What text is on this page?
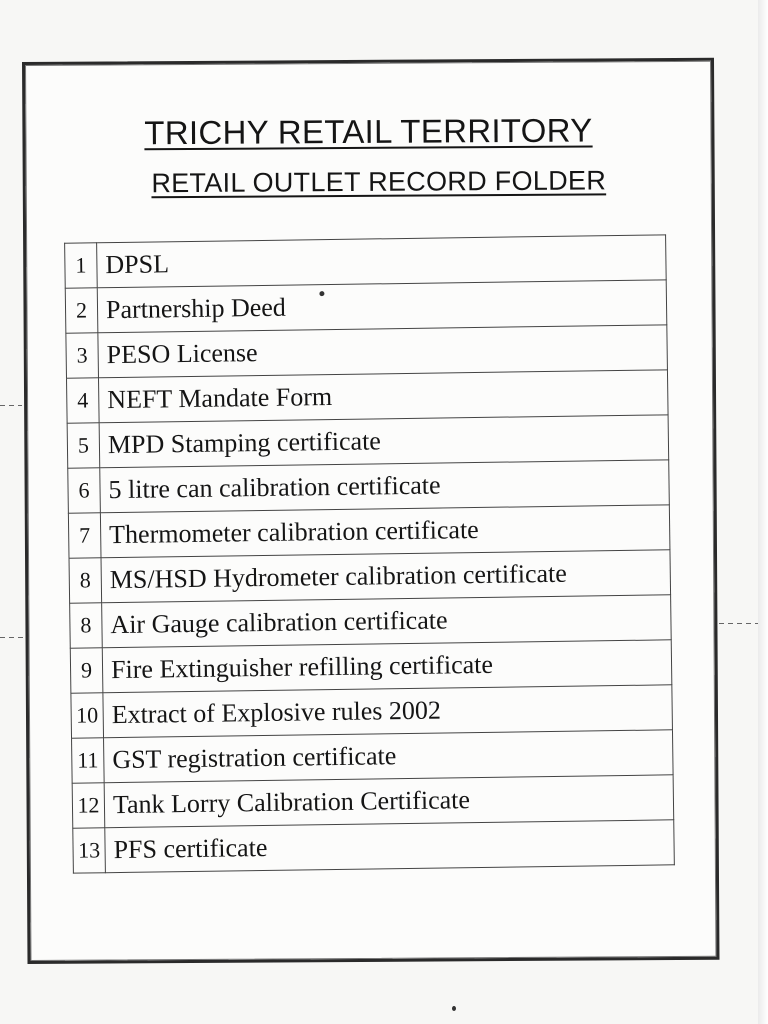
TRICHY RETAIL TERRITORY
RETAIL OUTLET RECORD FOLDER
1	DPSL
2	Partnership Deed
3	PESO License
4	NEFT Mandate Form
5	MPD Stamping certificate
6	5 litre can calibration certificate
7	Thermometer calibration certificate
8	MS/HSD Hydrometer calibration certificate
8	Air Gauge calibration certificate
9	Fire Extinguisher refilling certificate
10	Extract of Explosive rules 2002
11	GST registration certificate
12	Tank Lorry Calibration Certificate
13	PFS certificate
